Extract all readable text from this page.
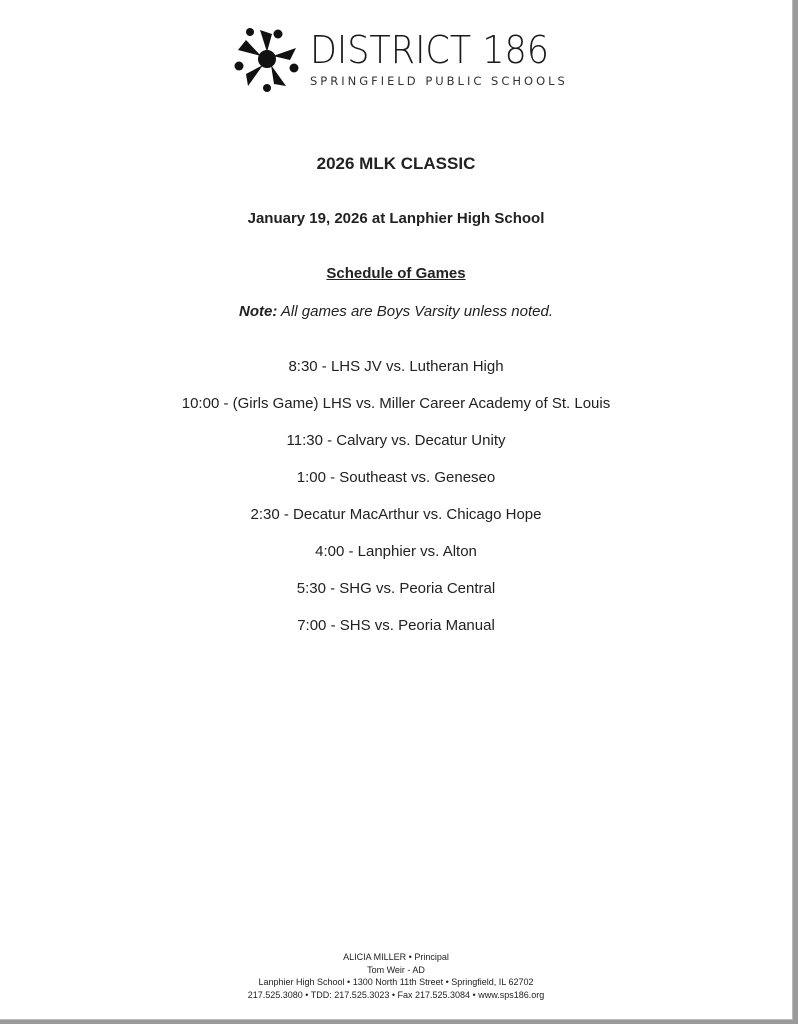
DISTRICT 186
SPRINGFIELD PUBLIC SCHOOLS
2026 MLK CLASSIC
January 19, 2026 at Lanphier High School
Schedule of Games
Note: All games are Boys Varsity unless noted.
8:30 - LHS JV vs. Lutheran High
10:00 - (Girls Game) LHS vs. Miller Career Academy of St. Louis
11:30 - Calvary vs. Decatur Unity
1:00 - Southeast vs. Geneseo
2:30 - Decatur MacArthur vs. Chicago Hope
4:00 - Lanphier vs. Alton
5:30 - SHG vs. Peoria Central
7:00 - SHS vs. Peoria Manual
ALICIA MILLER • Principal
Tom Weir - AD
Lanphier High School • 1300 North 11th Street • Springfield, IL 62702
217.525.3080 • TDD: 217.525.3023 • Fax 217.525.3084 • www.sps186.org
